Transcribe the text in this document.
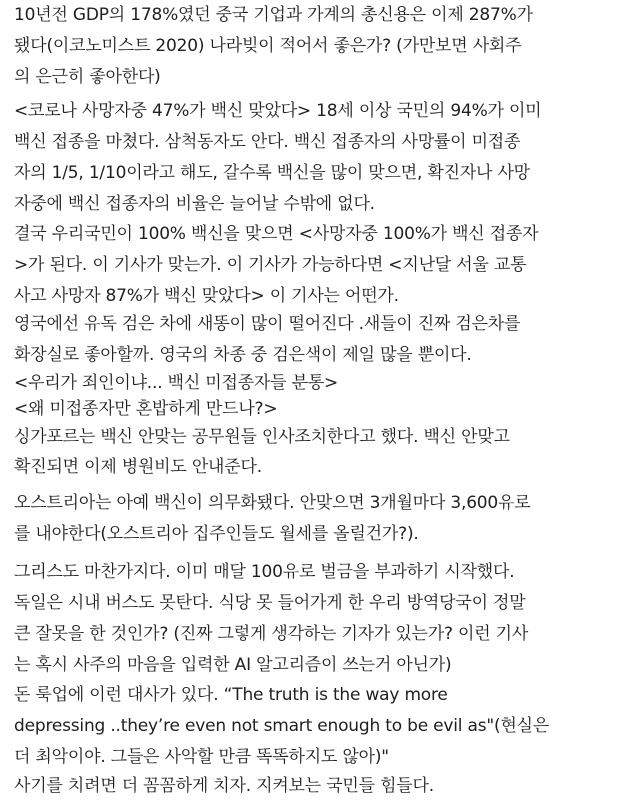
10년전 GDP의 178%였던 중국 기업과 가계의 총신용은 이제 287%가
됐다(이코노미스트 2020) 나라빚이 적어서 좋은가? (가만보면 사회주
의 은근히 좋아한다)
<코로나 사망자중 47%가 백신 맞았다> 18세 이상 국민의 94%가 이미
백신 접종을 마쳤다. 삼척동자도 안다. 백신 접종자의 사망률이 미접종
자의 1/5, 1/10이라고 해도, 갈수록 백신을 많이 맞으면, 확진자나 사망
자중에 백신 접종자의 비율은 늘어날 수밖에 없다.
결국 우리국민이 100% 백신을 맞으면 <사망자중 100%가 백신 접종자
>가 된다. 이 기사가 맞는가. 이 기사가 가능하다면 <지난달 서울 교통
사고 사망자 87%가 백신 맞았다> 이 기사는 어떤가.
영국에선 유독 검은 차에 새똥이 많이 떨어진다 .새들이 진짜 검은차를
화장실로 좋아할까. 영국의 차종 중 검은색이 제일 많을 뿐이다.
<우리가 죄인이냐... 백신 미접종자들 분통>
<왜 미접종자만 혼밥하게 만드나?>
싱가포르는 백신 안맞는 공무원들 인사조치한다고 했다. 백신 안맞고
확진되면 이제 병원비도 안내준다.
오스트리아는 아예 백신이 의무화됐다. 안맞으면 3개월마다 3,600유로
를 내야한다(오스트리아 집주인들도 월세를 올릴건가?).
그리스도 마찬가지다. 이미 매달 100유로 벌금을 부과하기 시작했다.
독일은 시내 버스도 못탄다. 식당 못 들어가게 한 우리 방역당국이 정말
큰 잘못을 한 것인가? (진짜 그렇게 생각하는 기자가 있는가? 이런 기사
는 혹시 사주의 마음을 입력한 AI 알고리즘이 쓰는거 아닌가)
돈 룩업에 이런 대사가 있다. “The truth is the way more
depressing ..they’re even not smart enough to be evil as"(현실은
더 최악이야. 그들은 사악할 만큼 똑똑하지도 않아)"
사기를 치려면 더 꼼꼼하게 치자. 지켜보는 국민들 힘들다.
